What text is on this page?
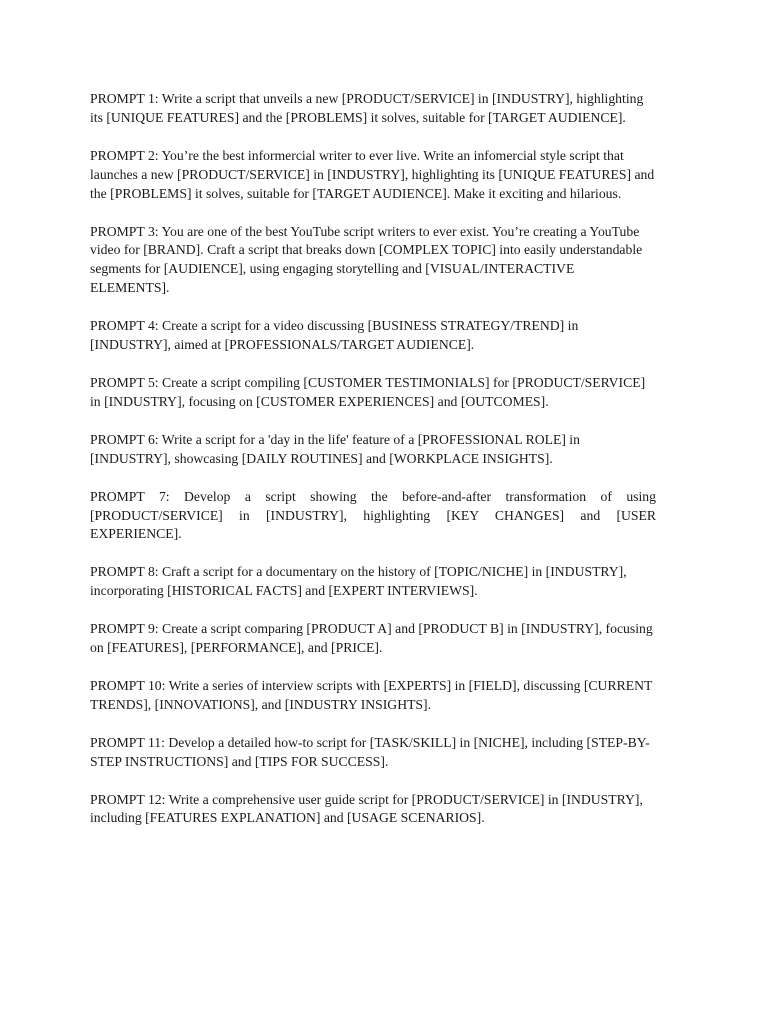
PROMPT 1: Write a script that unveils a new [PRODUCT/SERVICE] in [INDUSTRY], highlighting its [UNIQUE FEATURES] and the [PROBLEMS] it solves, suitable for [TARGET AUDIENCE].

PROMPT 2: You’re the best informercial writer to ever live. Write an infomercial style script that launches a new [PRODUCT/SERVICE] in [INDUSTRY], highlighting its [UNIQUE FEATURES] and the [PROBLEMS] it solves, suitable for [TARGET AUDIENCE]. Make it exciting and hilarious.

PROMPT 3: You are one of the best YouTube script writers to ever exist. You’re creating a YouTube video for [BRAND]. Craft a script that breaks down [COMPLEX TOPIC] into easily understandable segments for [AUDIENCE], using engaging storytelling and [VISUAL/INTERACTIVE ELEMENTS].

PROMPT 4: Create a script for a video discussing [BUSINESS STRATEGY/TREND] in [INDUSTRY], aimed at [PROFESSIONALS/TARGET AUDIENCE].

PROMPT 5: Create a script compiling [CUSTOMER TESTIMONIALS] for [PRODUCT/SERVICE] in [INDUSTRY], focusing on [CUSTOMER EXPERIENCES] and [OUTCOMES].

PROMPT 6: Write a script for a 'day in the life' feature of a [PROFESSIONAL ROLE] in [INDUSTRY], showcasing [DAILY ROUTINES] and [WORKPLACE INSIGHTS].

PROMPT 7: Develop a script showing the before-and-after transformation of using [PRODUCT/SERVICE] in [INDUSTRY], highlighting [KEY CHANGES] and [USER EXPERIENCE].

PROMPT 8: Craft a script for a documentary on the history of [TOPIC/NICHE] in [INDUSTRY], incorporating [HISTORICAL FACTS] and [EXPERT INTERVIEWS].

PROMPT 9: Create a script comparing [PRODUCT A] and [PRODUCT B] in [INDUSTRY], focusing on [FEATURES], [PERFORMANCE], and [PRICE].

PROMPT 10: Write a series of interview scripts with [EXPERTS] in [FIELD], discussing [CURRENT TRENDS], [INNOVATIONS], and [INDUSTRY INSIGHTS].

PROMPT 11: Develop a detailed how-to script for [TASK/SKILL] in [NICHE], including [STEP-BY-STEP INSTRUCTIONS] and [TIPS FOR SUCCESS].

PROMPT 12: Write a comprehensive user guide script for [PRODUCT/SERVICE] in [INDUSTRY], including [FEATURES EXPLANATION] and [USAGE SCENARIOS].
